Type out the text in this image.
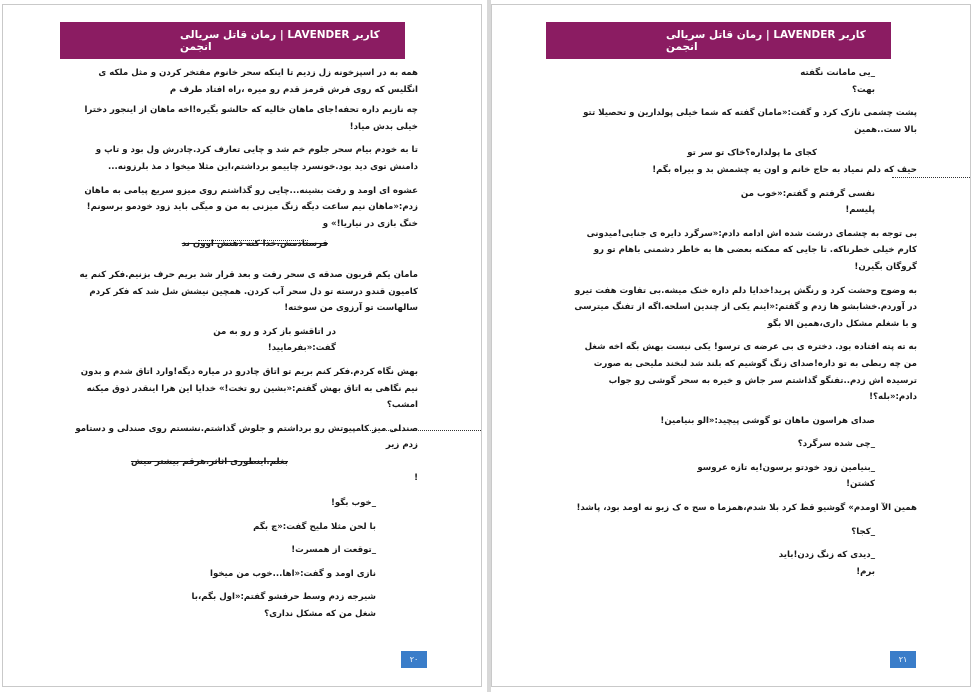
رمان قاتل سریالی | LAVENDER کاربر انجمن
همه به در اسپزخونه زل زدیم تا اینکه سحر خانوم مفتخر کردن و مثل ملکه ی انگلیس که روی فرش قرمز قدم رو میره ،راه افتاد طرف م
چه نازیم داره تحفه!جای ماهان خالیه که حالشو بگیره!اخه ماهان از اینجور دخترا خیلی بدش میاد!
تا به خودم بیام سحر جلوم خم شد و چایی تعارف کرد.چادرش ول بود و تاپ و دامنش توی دید بود.خونسرد چاییمو برداشتم،این مثلا میخوا د مذ بلرزونه...
عشوه ای اومد و رفت بشینه...چایی رو گذاشتم روی میزو سریع پیامی به ماهان زدم:«ماهان نیم ساعت دیگه زنگ میزنی به من و میگی باید زود خودمو برسونم!خنگ بازی در نیاریا!» و
فرستادمش.خدا کنه ذهنش اوون ند
مامان یکم قربون صدقه ی سحر رفت و بعد قرار شد بریم حرف بزنیم.فکر کنم یه کامیون قندو درسته تو دل سحر آب کردن. همچین نیشش شل شد که فکر کردم سالهاست تو آرزوی من سوخته!
در اتاقشو باز کرد و رو به من گفت:«بفرمایید!
بهش نگاه کردم.فکر کنم بریم تو اتاق چادرو در میاره دیگه!وارد اتاق شدم و بدون نیم نگاهی به اتاق بهش گفتم:«بشین رو تخت!» خدایا این هرا اینقدر ذوق میکنه امشب؟
صندلی میز کامپیوتش رو برداشتم و جلوش گذاشتم.نشستم روی صندلی و دستامو زدم زیر
بغلم.اینطوری اثاثر.هرقم بیشتر میش
!
_خوب بگو!
با لحن مثلا مليح گفت:«چ بگم
_توقعت از همسرت!
نازی اومد و گفت:«اها...خوب من میخوا
شیرجه زدم وسط حرفشو گفتم:«اول بگم،با شغل من که مشکل نداری؟
۲۰
رمان قاتل سریالی | LAVENDER کاربر انجمن
_یی مامانت نگفته بهت؟
پشت چشمی نازک کرد و گفت:«مامان گفته که شما خیلی پولدارین و تحصیلا تتو بالا ست..همین
کجای ما پولداره؟خاک تو سر تو
حیف که دلم نمیاد به حاج خانم و اون یه چشمش بد و بیراه بگم!
نفسی گرفتم و گفتم:«خوب من پلیسم!
بی توجه به چشمای درشت شده اش ادامه دادم:«سرگرد دایره ی جنایی!میدونی کارم خیلی خطرناکه. تا جایی که ممکنه بعضی ها به خاطر دشمنی باهام تو رو گروگان بگیرن!
به وضوح وحشت کرد و رنگش پرید!خدایا دلم داره خنک میشه.بی تفاوت هفت تیرو در آوردم.خشابشو ها زدم و گفتم:«اینم یکی از چندین اسلحه.اگه از تفنگ میترسی و با شغلم مشکل داری،همین الا بگو
به ته پته افتاده بود. دختره ی بی عرضه ی ترسو! یکی نیست بهش بگه اخه شغل من چه ربطی به تو داره!صدای زنگ گوشیم که بلند شد لبخند مليحی به صورت ترسیده اش زدم..تفنگو گذاشتم سر جاش و خیره به سحر گوشی رو جواب دادم:«بله؟!
صدای هراسون ماهان تو گوشی پیچید:«الو بنیامین!
_چی شده سرگرد؟
_بنیامین زود خودتو برسون!یه تازه عروسو کشتن!
همین الآ اومدم» گوشیو قط کرد بلا شدم،همزما ه سح ه ک زبو نه اومد بود، پاشد!
_کجا؟
_دیدی که زنگ زدن!باید برم!
۲۱
